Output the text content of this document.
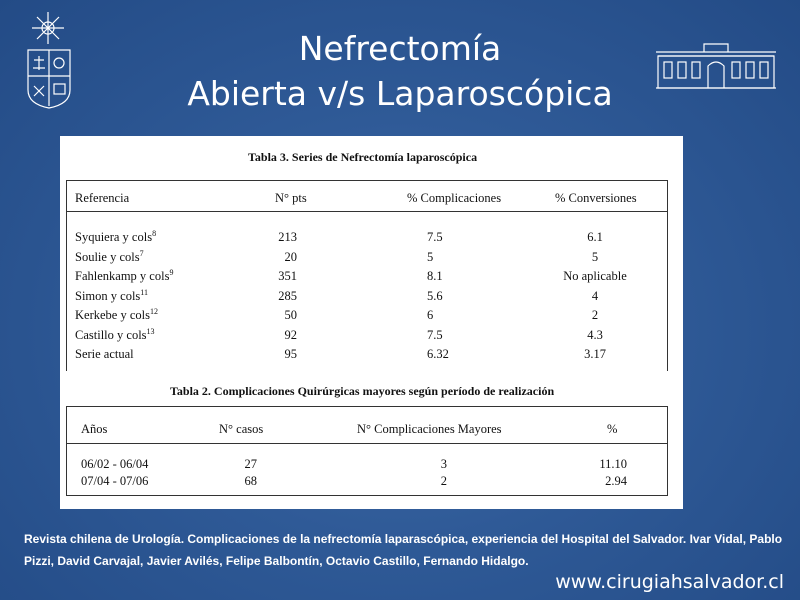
Nefrectomía
Abierta v/s Laparoscópica
Tabla 3. Series de Nefrectomía laparoscópica
Referencia	N° pts	% Complicaciones	% Conversiones
Syquiera y cols$^8$	213	7.5	6.1
Soulie y cols$^7$	20	5	5
Fahlenkamp y cols$^9$	351	8.1	No aplicable
Simon y cols$^{11}$	285	5.6	4
Kerkebe y cols$^{12}$	50	6	2
Castillo y cols$^{13}$	92	7.5	4.3
Serie actual	95	6.32	3.17
Tabla 2. Complicaciones Quirúrgicas mayores según período de realización
Años	N° casos	N° Complicaciones Mayores	%
06/02 - 06/04	27	3	11.10
07/04 - 07/06	68	2	2.94
Revista chilena de Urología. Complicaciones de la nefrectomía laparascópica, experiencia del Hospital del Salvador. Ivar Vidal, Pablo Pizzi, David Carvajal, Javier Avilés, Felipe Balbontín, Octavio Castillo, Fernando Hidalgo.
www.cirugiahsalvador.cl
